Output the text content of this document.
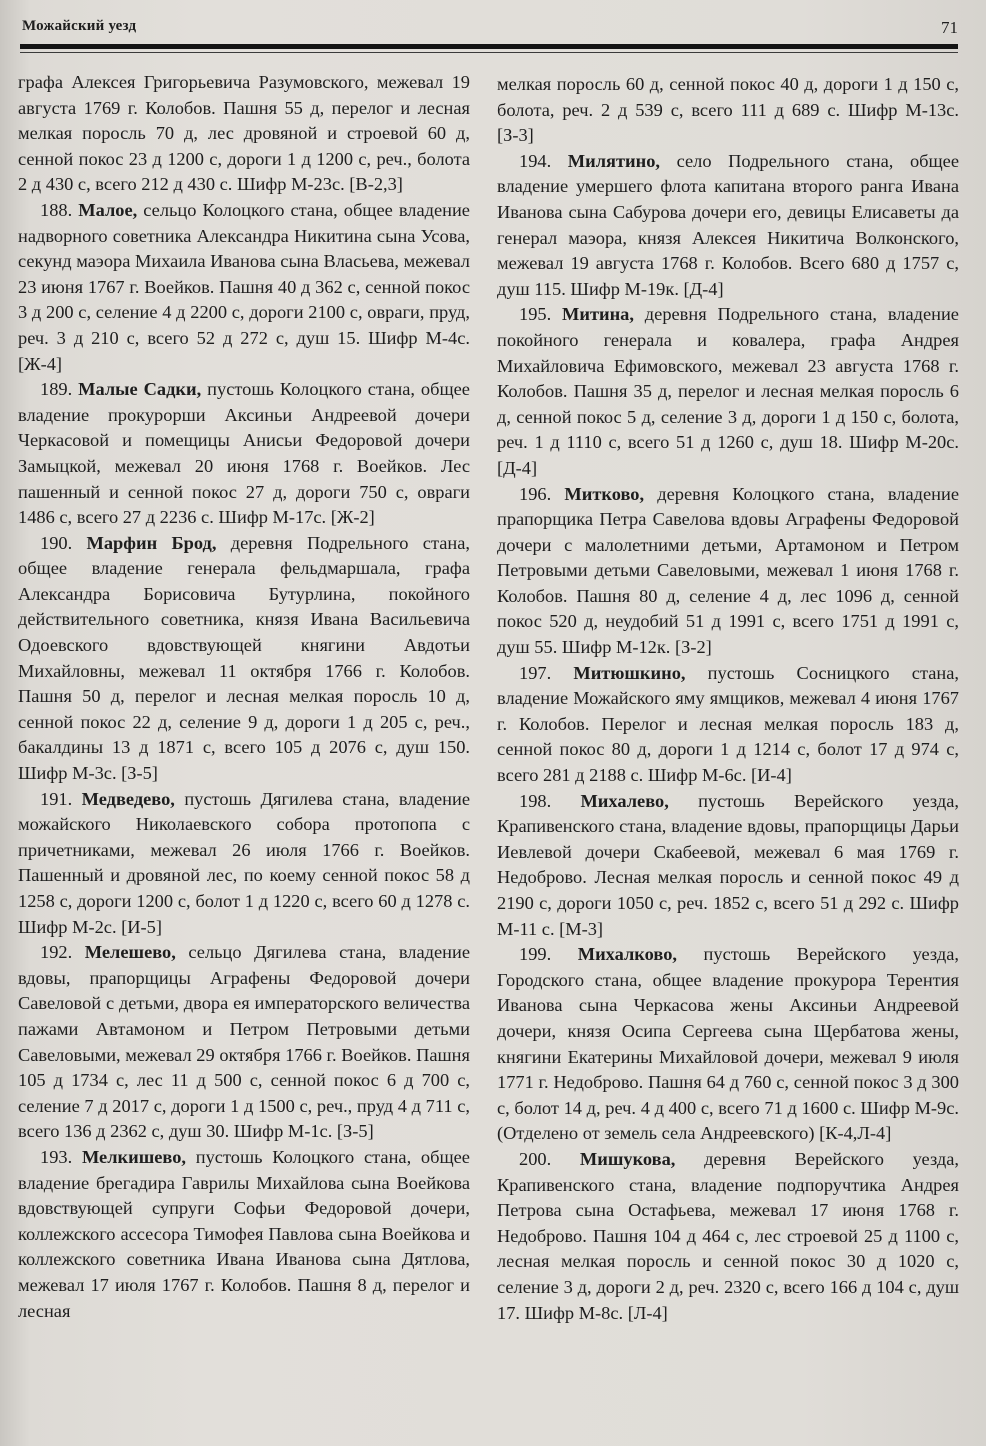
Можайский уезд	71

графа Алексея Григорьевича Разумовского, межевал 19 августа 1769 г. Колобов. Пашня 55 д, перелог и лесная мелкая поросль 70 д, лес дровяной и строевой 60 д, сенной покос 23 д 1200 с, дороги 1 д 1200 с, реч., болота 2 д 430 с, всего 212 д 430 с. Шифр М-23с. [В-2,3]

188. Малое, сельцо Колоцкого стана, общее владение надворного советника Александра Никитина сына Усова, секунд маэора Михаила Иванова сына Власьева, межевал 23 июня 1767 г. Воейков. Пашня 40 д 362 с, сенной покос 3 д 200 с, селение 4 д 2200 с, дороги 2100 с, овраги, пруд, реч. 3 д 210 с, всего 52 д 272 с, душ 15. Шифр М-4с. [Ж-4]

189. Малые Садки, пустошь Колоцкого стана, общее владение прокурорши Аксиньи Андреевой дочери Черкасовой и помещицы Анисьи Федоровой дочери Замыцкой, межевал 20 июня 1768 г. Воейков. Лес пашенный и сенной покос 27 д, дороги 750 с, овраги 1486 с, всего 27 д 2236 с. Шифр М-17с. [Ж-2]

190. Марфин Брод, деревня Подрельного стана, общее владение генерала фельдмаршала, графа Александра Борисовича Бутурлина, покойного действительного советника, князя Ивана Васильевича Одоевского вдовствующей княгини Авдотьи Михайловны, межевал 11 октября 1766 г. Колобов. Пашня 50 д, перелог и лесная мелкая поросль 10 д, сенной покос 22 д, селение 9 д, дороги 1 д 205 с, реч., бакалдины 13 д 1871 с, всего 105 д 2076 с, душ 150. Шифр М-3с. [З-5]

191. Медведево, пустошь Дягилева стана, владение можайского Николаевского собора протопопа с причетниками, межевал 26 июля 1766 г. Воейков. Пашенный и дровяной лес, по коему сенной покос 58 д 1258 с, дороги 1200 с, болот 1 д 1220 с, всего 60 д 1278 с. Шифр М-2с. [И-5]

192. Мелешево, сельцо Дягилева стана, владение вдовы, прапорщицы Аграфены Федоровой дочери Савеловой с детьми, двора ея императорского величества пажами Автамоном и Петром Петровыми детьми Савеловыми, межевал 29 октября 1766 г. Воейков. Пашня 105 д 1734 с, лес 11 д 500 с, сенной покос 6 д 700 с, селение 7 д 2017 с, дороги 1 д 1500 с, реч., пруд 4 д 711 с, всего 136 д 2362 с, душ 30. Шифр М-1с. [З-5]

193. Мелкишево, пустошь Колоцкого стана, общее владение брегадира Гаврилы Михайлова сына Воейкова вдовствующей супруги Софьи Федоровой дочери, коллежского ассесора Тимофея Павлова сына Воейкова и коллежского советника Ивана Иванова сына Дятлова, межевал 17 июля 1767 г. Колобов. Пашня 8 д, перелог и лесная

мелкая поросль 60 д, сенной покос 40 д, дороги 1 д 150 с, болота, реч. 2 д 539 с, всего 111 д 689 с. Шифр М-13с. [З-3]

194. Милятино, село Подрельного стана, общее владение умершего флота капитана второго ранга Ивана Иванова сына Сабурова дочери его, девицы Елисаветы да генерал маэора, князя Алексея Никитича Волконского, межевал 19 августа 1768 г. Колобов. Всего 680 д 1757 с, душ 115. Шифр М-19к. [Д-4]

195. Митина, деревня Подрельного стана, владение покойного генерала и ковалера, графа Андрея Михайловича Ефимовского, межевал 23 августа 1768 г. Колобов. Пашня 35 д, перелог и лесная мелкая поросль 6 д, сенной покос 5 д, селение 3 д, дороги 1 д 150 с, болота, реч. 1 д 1110 с, всего 51 д 1260 с, душ 18. Шифр М-20с. [Д-4]

196. Митково, деревня Колоцкого стана, владение прапорщика Петра Савелова вдовы Аграфены Федоровой дочери с малолетними детьми, Артамоном и Петром Петровыми детьми Савеловыми, межевал 1 июня 1768 г. Колобов. Пашня 80 д, селение 4 д, лес 1096 д, сенной покос 520 д, неудобий 51 д 1991 с, всего 1751 д 1991 с, душ 55. Шифр М-12к. [З-2]

197. Митюшкино, пустошь Сосницкого стана, владение Можайского яму ямщиков, межевал 4 июня 1767 г. Колобов. Перелог и лесная мелкая поросль 183 д, сенной покос 80 д, дороги 1 д 1214 с, болот 17 д 974 с, всего 281 д 2188 с. Шифр М-6с. [И-4]

198. Михалево, пустошь Верейского уезда, Крапивенского стана, владение вдовы, прапорщицы Дарьи Иевлевой дочери Скабеевой, межевал 6 мая 1769 г. Недоброво. Лесная мелкая поросль и сенной покос 49 д 2190 с, дороги 1050 с, реч. 1852 с, всего 51 д 292 с. Шифр М-11 с. [М-3]

199. Михалково, пустошь Верейского уезда, Городского стана, общее владение прокурора Терентия Иванова сына Черкасова жены Аксиньи Андреевой дочери, князя Осипа Сергеева сына Щербатова жены, княгини Екатерины Михайловой дочери, межевал 9 июля 1771 г. Недоброво. Пашня 64 д 760 с, сенной покос 3 д 300 с, болот 14 д, реч. 4 д 400 с, всего 71 д 1600 с. Шифр М-9с. (Отделено от земель села Андреевского) [К-4,Л-4]

200. Мишукова, деревня Верейского уезда, Крапивенского стана, владение подпоручтика Андрея Петрова сына Остафьева, межевал 17 июня 1768 г. Недоброво. Пашня 104 д 464 с, лес строевой 25 д 1100 с, лесная мелкая поросль и сенной покос 30 д 1020 с, селение 3 д, дороги 2 д, реч. 2320 с, всего 166 д 104 с, душ 17. Шифр М-8с. [Л-4]
